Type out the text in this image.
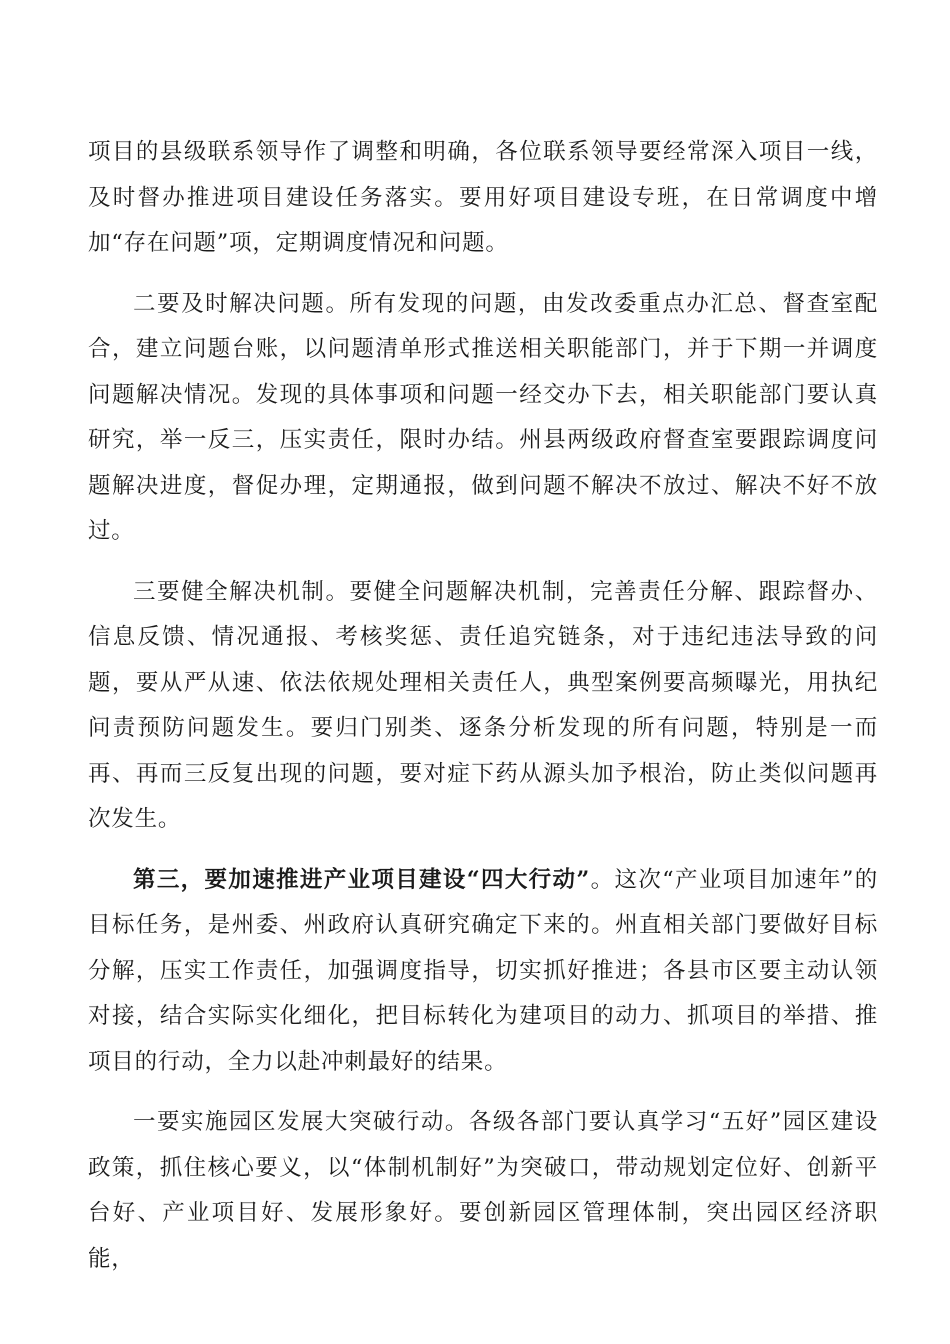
项目的县级联系领导作了调整和明确，各位联系领导要经常深入项目一线，及时督办推进项目建设任务落实。要用好项目建设专班，在日常调度中增加“存在问题”项，定期调度情况和问题。

二要及时解决问题。所有发现的问题，由发改委重点办汇总、督查室配合，建立问题台账，以问题清单形式推送相关职能部门，并于下期一并调度问题解决情况。发现的具体事项和问题一经交办下去，相关职能部门要认真研究，举一反三，压实责任，限时办结。州县两级政府督查室要跟踪调度问题解决进度，督促办理，定期通报，做到问题不解决不放过、解决不好不放过。

三要健全解决机制。要健全问题解决机制，完善责任分解、跟踪督办、信息反馈、情况通报、考核奖惩、责任追究链条，对于违纪违法导致的问题，要从严从速、依法依规处理相关责任人，典型案例要高频曝光，用执纪问责预防问题发生。要归门别类、逐条分析发现的所有问题，特别是一而再、再而三反复出现的问题，要对症下药从源头加予根治，防止类似问题再次发生。

第三，要加速推进产业项目建设“四大行动”。这次“产业项目加速年”的目标任务，是州委、州政府认真研究确定下来的。州直相关部门要做好目标分解，压实工作责任，加强调度指导，切实抓好推进；各县市区要主动认领对接，结合实际实化细化，把目标转化为建项目的动力、抓项目的举措、推项目的行动，全力以赴冲刺最好的结果。

一要实施园区发展大突破行动。各级各部门要认真学习“五好”园区建设政策，抓住核心要义，以“体制机制好”为突破口，带动规划定位好、创新平台好、产业项目好、发展形象好。要创新园区管理体制，突出园区经济职能，
